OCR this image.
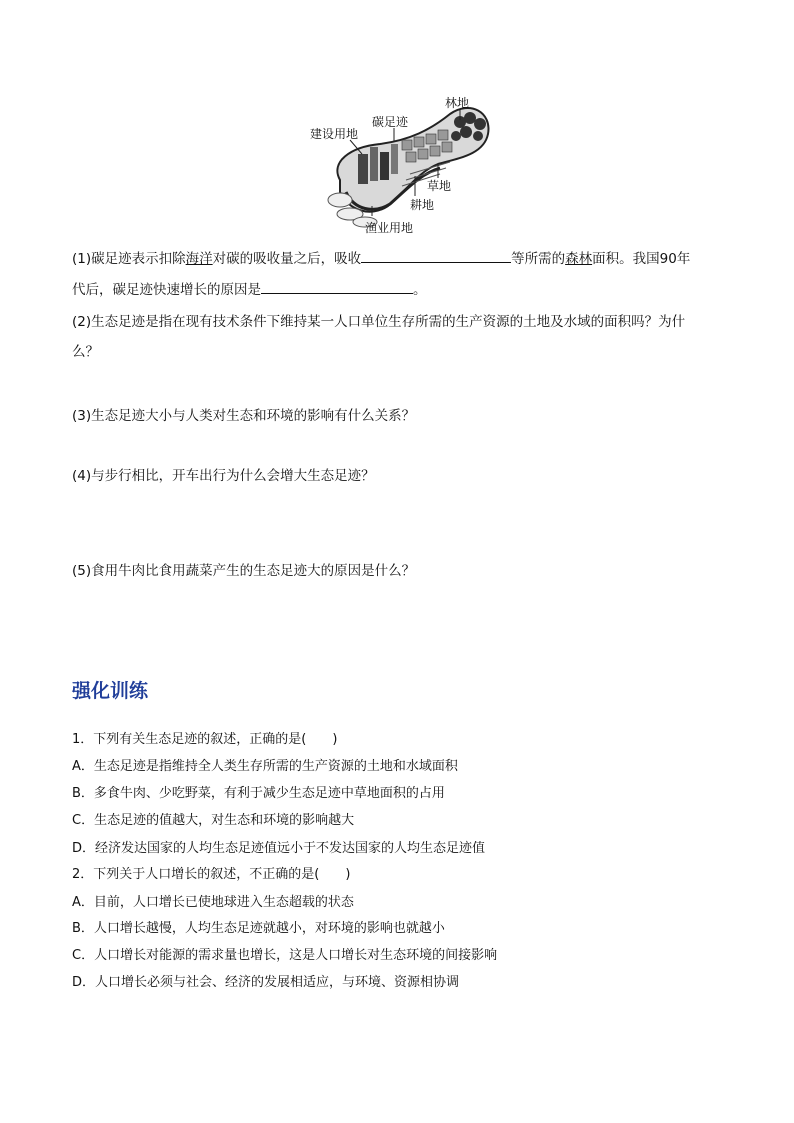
林地
碳足迹
建设用地
草地
耕地
渔业用地
(1)碳足迹表示扣除海洋对碳的吸收量之后，吸收	等所需的森林面积。我国90年
代后，碳足迹快速增长的原因是	。
(2)生态足迹是指在现有技术条件下维持某一人口单位生存所需的生产资源的土地及水域的面积吗？为什
么？
(3)生态足迹大小与人类对生态和环境的影响有什么关系？
(4)与步行相比，开车出行为什么会增大生态足迹？
(5)食用牛肉比食用蔬菜产生的生态足迹大的原因是什么？
强化训练
1．下列有关生态足迹的叙述，正确的是(　　)
A．生态足迹是指维持全人类生存所需的生产资源的土地和水域面积
B．多食牛肉、少吃野菜，有利于减少生态足迹中草地面积的占用
C．生态足迹的值越大，对生态和环境的影响越大
D．经济发达国家的人均生态足迹值远小于不发达国家的人均生态足迹值
2．下列关于人口增长的叙述，不正确的是(　　)
A．目前，人口增长已使地球进入生态超载的状态
B．人口增长越慢，人均生态足迹就越小，对环境的影响也就越小
C．人口增长对能源的需求量也增长，这是人口增长对生态环境的间接影响
D．人口增长必须与社会、经济的发展相适应，与环境、资源相协调
